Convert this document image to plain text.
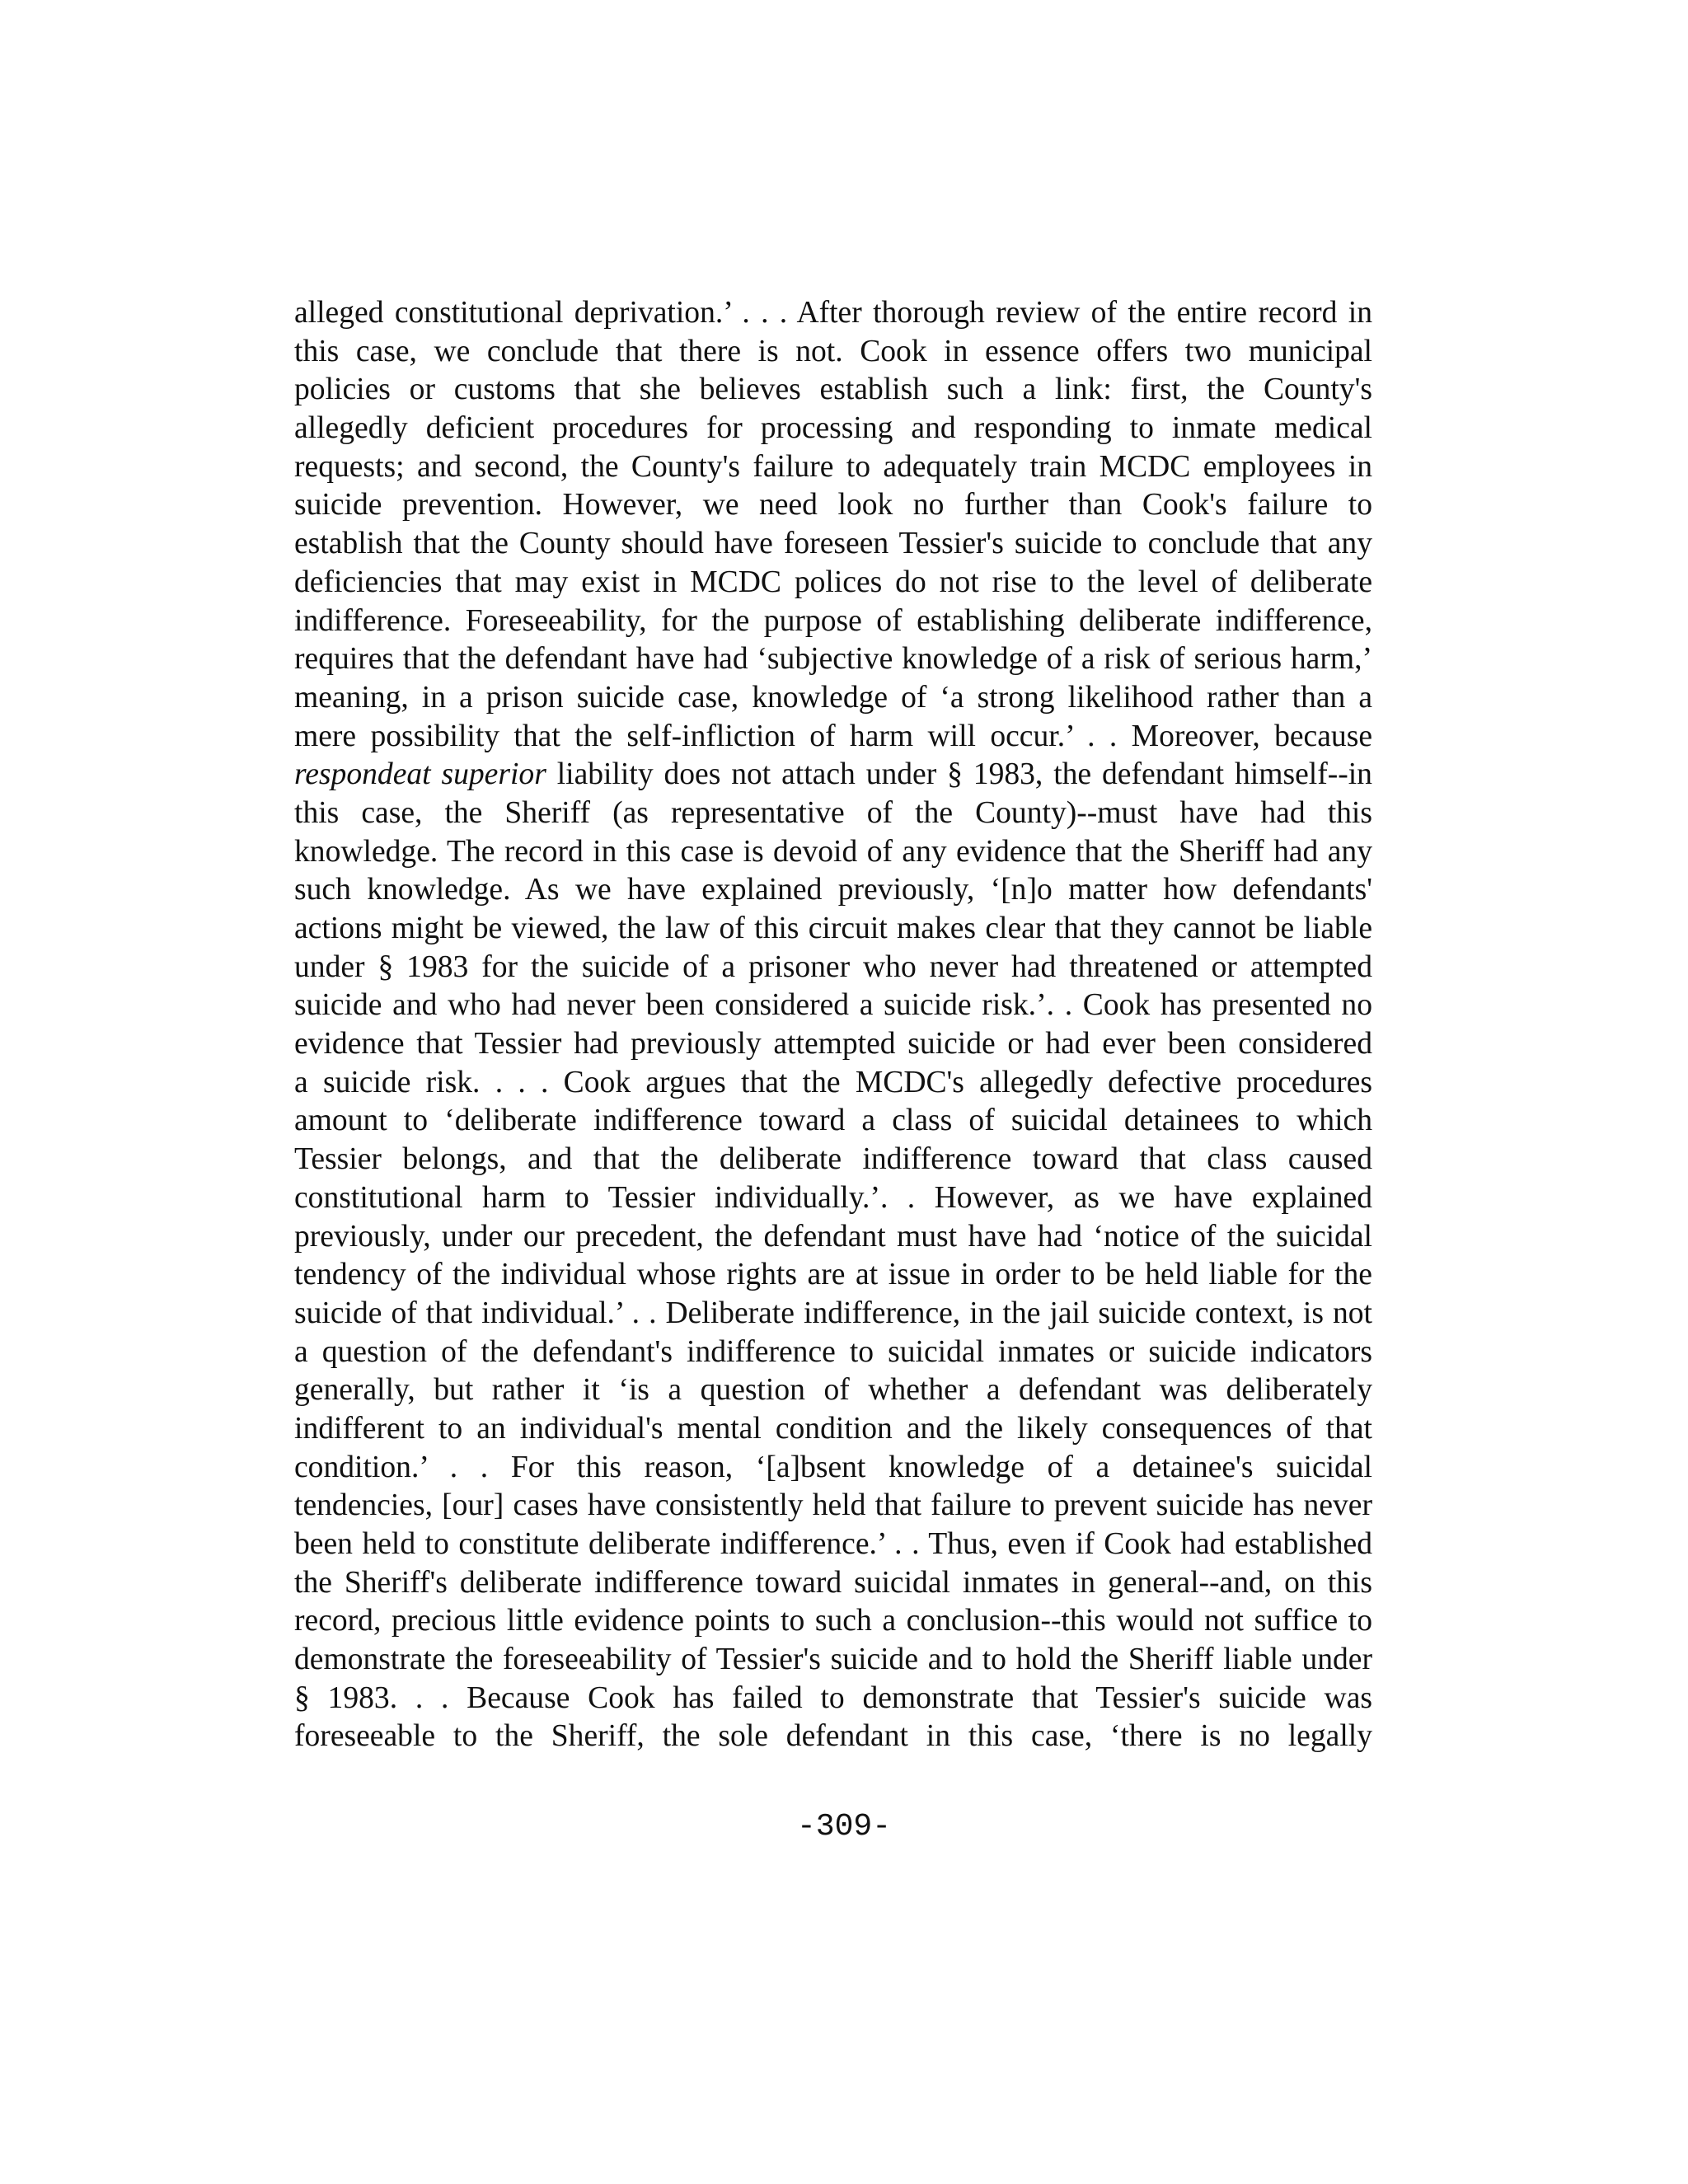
alleged constitutional deprivation.’ . . . After thorough review of the entire record in
this case, we conclude that there is not. Cook in essence offers two municipal
policies or customs that she believes establish such a link: first, the County's
allegedly deficient procedures for processing and responding to inmate medical
requests; and second, the County's failure to adequately train MCDC employees in
suicide prevention. However, we need look no further than Cook's failure to
establish that the County should have foreseen Tessier's suicide to conclude that any
deficiencies that may exist in MCDC polices do not rise to the level of deliberate
indifference. Foreseeability, for the purpose of establishing deliberate indifference,
requires that the defendant have had ‘subjective knowledge of a risk of serious harm,’
meaning, in a prison suicide case, knowledge of ‘a strong likelihood rather than a
mere possibility that the self-infliction of harm will occur.’ . . Moreover, because
respondeat superior liability does not attach under § 1983, the defendant himself--in
this case, the Sheriff (as representative of the County)--must have had this
knowledge. The record in this case is devoid of any evidence that the Sheriff had any
such knowledge. As we have explained previously, ‘[n]o matter how defendants'
actions might be viewed, the law of this circuit makes clear that they cannot be liable
under § 1983 for the suicide of a prisoner who never had threatened or attempted
suicide and who had never been considered a suicide risk.’. . Cook has presented no
evidence that Tessier had previously attempted suicide or had ever been considered
a suicide risk. . . . Cook argues that the MCDC's allegedly defective procedures
amount to ‘deliberate indifference toward a class of suicidal detainees to which
Tessier belongs, and that the deliberate indifference toward that class caused
constitutional harm to Tessier individually.’. . However, as we have explained
previously, under our precedent, the defendant must have had ‘notice of the suicidal
tendency of the individual whose rights are at issue in order to be held liable for the
suicide of that individual.’ . . Deliberate indifference, in the jail suicide context, is not
a question of the defendant's indifference to suicidal inmates or suicide indicators
generally, but rather it ‘is a question of whether a defendant was deliberately
indifferent to an individual's mental condition and the likely consequences of that
condition.’ . . For this reason, ‘[a]bsent knowledge of a detainee's suicidal
tendencies, [our] cases have consistently held that failure to prevent suicide has never
been held to constitute deliberate indifference.’ . . Thus, even if Cook had established
the Sheriff's deliberate indifference toward suicidal inmates in general--and, on this
record, precious little evidence points to such a conclusion--this would not suffice to
demonstrate the foreseeability of Tessier's suicide and to hold the Sheriff liable under
§ 1983. . . Because Cook has failed to demonstrate that Tessier's suicide was
foreseeable to the Sheriff, the sole defendant in this case, ‘there is no legally
-309-
